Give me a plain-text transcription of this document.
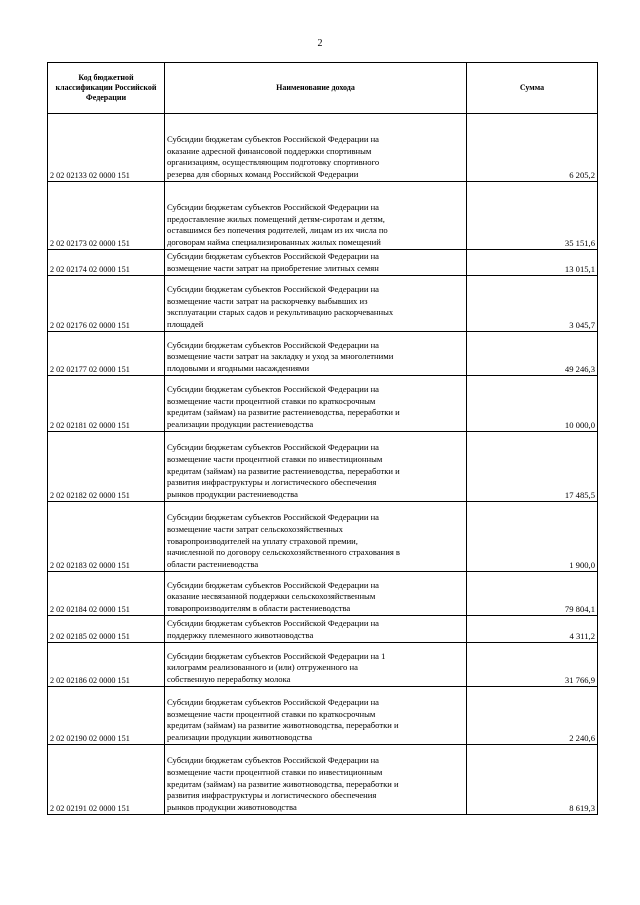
2
Код бюджетной
классификации Российской
Федерации	Наименование дохода	Сумма
2 02 02133 02 0000 151	Субсидии бюджетам субъектов Российской Федерации на
оказание адресной финансовой поддержки спортивным
организациям, осуществляющим подготовку спортивного
резерва для сборных команд Российской Федерации	6 205,2
2 02 02173 02 0000 151	Субсидии бюджетам субъектов Российской Федерации на
предоставление жилых помещений детям-сиротам и детям,
оставшимся без попечения родителей, лицам из их числа по
договорам найма специализированных жилых помещений	35 151,6
2 02 02174 02 0000 151	Субсидии бюджетам субъектов Российской Федерации на
возмещение части затрат на приобретение элитных семян	13 015,1
2 02 02176 02 0000 151	Субсидии бюджетам субъектов Российской Федерации на
возмещение части затрат на раскорчевку выбывших из
эксплуатации старых садов и рекультивацию раскорчеванных
площадей	3 045,7
2 02 02177 02 0000 151	Субсидии бюджетам субъектов Российской Федерации на
возмещение части затрат на закладку и уход за многолетними
плодовыми и ягодными насаждениями	49 246,3
2 02 02181 02 0000 151	Субсидии бюджетам субъектов Российской Федерации на
возмещение части процентной ставки по краткосрочным
кредитам (займам) на развитие растениеводства, переработки и
реализации продукции растениеводства	10 000,0
2 02 02182 02 0000 151	Субсидии бюджетам субъектов Российской Федерации на
возмещение части процентной ставки по инвестиционным
кредитам (займам) на развитие растениеводства, переработки и
развития инфраструктуры и логистического обеспечения
рынков продукции растениеводства	17 485,5
2 02 02183 02 0000 151	Субсидии бюджетам субъектов Российской Федерации на
возмещение части затрат сельскохозяйственных
товаропроизводителей на уплату страховой премии,
начисленной по договору сельскохозяйственного страхования в
области растениеводства	1 900,0
2 02 02184 02 0000 151	Субсидии бюджетам субъектов Российской Федерации на
оказание несвязанной поддержки сельскохозяйственным
товаропроизводителям в области растениеводства	79 804,1
2 02 02185 02 0000 151	Субсидии бюджетам субъектов Российской Федерации на
поддержку племенного животноводства	4 311,2
2 02 02186 02 0000 151	Субсидии бюджетам субъектов Российской Федерации на 1
килограмм реализованного и (или) отгруженного на
собственную переработку молока	31 766,9
2 02 02190 02 0000 151	Субсидии бюджетам субъектов Российской Федерации на
возмещение части процентной ставки по краткосрочным
кредитам (займам) на развитие животноводства, переработки и
реализации продукции животноводства	2 240,6
2 02 02191 02 0000 151	Субсидии бюджетам субъектов Российской Федерации на
возмещение части процентной ставки по инвестиционным
кредитам (займам) на развитие животноводства, переработки и
развития инфраструктуры и логистического обеспечения
рынков продукции животноводства	8 619,3
